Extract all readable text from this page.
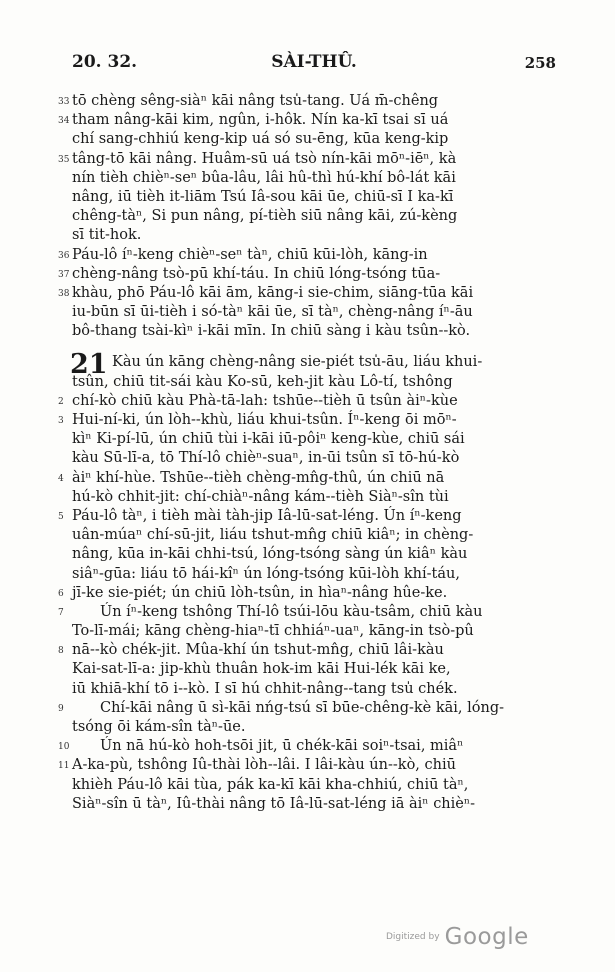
20. 32.	SÀI-THÛ.	258
33 tō chèng sêng-siàⁿ kāi nâng tsu̍-tang. Uá m̄-chêng
34 tham nâng-kāi kim, ngûn, i-hôk. Nín ka-kī tsai sī uá
chí sang-chhiú keng-kip uá só su-ēng, kūa keng-kip
35 tâng-tō kāi nâng. Huâm-sū uá tsò nín-kāi mōⁿ-iēⁿ, kà
nín tièh chièⁿ-seⁿ bûa-lâu, lâi hû-thì hú-khí bô-lát kāi
nâng, iū tièh it-liām Tsú Iâ-sou kāi ūe, chiū-sī I ka-kī
chêng-tàⁿ, Si pun nâng, pí-tièh siū nâng kāi, zú-kèng
sī tit-hok.
36 Páu-lô íⁿ-keng chièⁿ-seⁿ tàⁿ, chiū kūi-lòh, kāng-in
37 chèng-nâng tsò-pū khí-táu. In chiū lóng-tsóng tūa-
38 khàu, phō Páu-lô kāi ām, kāng-i sie-chim, siāng-tūa kāi
iu-būn sī ūi-tièh i só-tàⁿ kāi ūe, sī tàⁿ, chèng-nâng íⁿ-āu
bô-thang tsài-kìⁿ i-kāi mīn. In chiū sàng i kàu tsûn--kò.
21 Kàu ún kāng chèng-nâng sie-piét tsu̍-āu, liáu khui-
tsûn, chiū tit-sái kàu Ko-sū, keh-jit kàu Lô-tí, tshông
2 chí-kò chiū kàu Phà-tā-lah: tshūe--tièh ū tsûn àiⁿ-kùe
3 Hui-ní-ki, ún lòh--khù, liáu khui-tsûn. Íⁿ-keng ōi mōⁿ-
kìⁿ Ki-pí-lū, ún chiū tùi i-kāi iū-pôiⁿ keng-kùe, chiū sái
kàu Sū-lī-a, tō Thí-lô chièⁿ-suaⁿ, in-ūi tsûn sī tō-hú-kò
4 àiⁿ khí-hùe. Tshūe--tièh chèng-mn̂g-thû, ún chiū nā
hú-kò chhit-jit: chí-chiàⁿ-nâng kám--tièh Siàⁿ-sîn tùi
5 Páu-lô tàⁿ, i tièh mài tàh-jip Iâ-lū-sat-léng. Ún íⁿ-keng
uân-múaⁿ chí-sū-jit, liáu tshut-mn̂g chiū kiâⁿ; in chèng-
nâng, kūa in-kāi chhi-tsú, lóng-tsóng sàng ún kiâⁿ kàu
siâⁿ-gūa: liáu tō hái-kîⁿ ún lóng-tsóng kūi-lòh khí-táu,
6 jī-ke sie-piét; ún chiū lòh-tsûn, in hìaⁿ-nâng hûe-ke.
7	Ún íⁿ-keng tshông Thí-lô tsúi-lōu kàu-tsâm, chiū kàu
To-lī-mái; kāng chèng-hiaⁿ-tī chhiáⁿ-uaⁿ, kāng-in tsò-pû
8 nā--kò chék-jit. Mûa-khí ún tshut-mn̂g, chiū lâi-kàu
Kai-sat-lī-a: jip-khù thuân hok-im kāi Hui-lék kāi ke,
iū khiā-khí tō i--kò. I sī hú chhit-nâng--tang tsu̍ chék.
9	Chí-kāi nâng ū sì-kāi nńg-tsú sī būe-chêng-kè kāi, lóng-
tsóng ōi kám-sîn tàⁿ-ūe.
10 Ún nā hú-kò hoh-tsōi jit, ū chék-kāi soiⁿ-tsai, miâⁿ
11 A-ka-pù, tshông Iû-thài lòh--lâi. I lâi-kàu ún--kò, chiū
khièh Páu-lô kāi tùa, pák ka-kī kāi kha-chhiú, chiū tàⁿ,
Siàⁿ-sîn ū tàⁿ, Iû-thài nâng tō Iâ-lū-sat-léng iā àiⁿ chièⁿ-
Digitized by Google
